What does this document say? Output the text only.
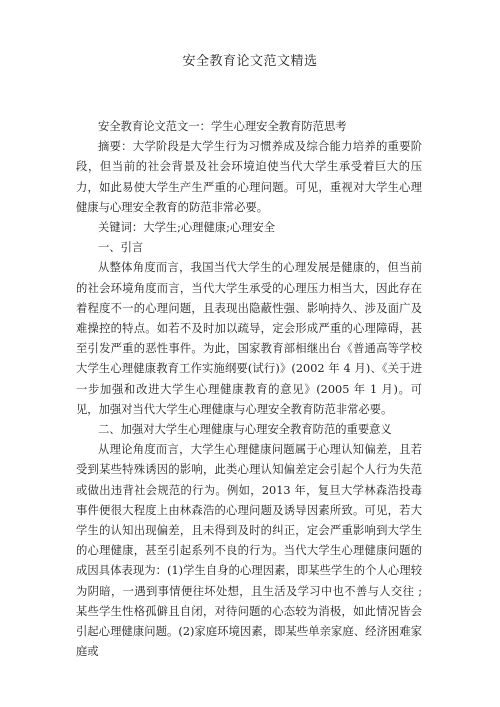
安全教育论文范文精选

安全教育论文范文一：学生心理安全教育防范思考

摘要：大学阶段是大学生行为习惯养成及综合能力培养的重要阶段，但当前的社会背景及社会环境迫使当代大学生承受着巨大的压力，如此易使大学生产生严重的心理问题。可见，重视对大学生心理健康与心理安全教育的防范非常必要。

关键词：大学生;心理健康;心理安全

一、引言

从整体角度而言，我国当代大学生的心理发展是健康的，但当前的社会环境角度而言，当代大学生承受的心理压力相当大，因此存在着程度不一的心理问题，且表现出隐蔽性强、影响持久、涉及面广及难操控的特点。如若不及时加以疏导，定会形成严重的心理障碍，甚至引发严重的恶性事件。为此，国家教育部相继出台《普通高等学校大学生心理健康教育工作实施纲要(试行)》(2002 年 4 月)、《关于进一步加强和改进大学生心理健康教育的意见》(2005 年 1 月)。可见，加强对当代大学生心理健康与心理安全教育防范非常必要。

二、加强对大学生心理健康与心理安全教育防范的重要意义

从理论角度而言，大学生心理健康问题属于心理认知偏差，且若受到某些特殊诱因的影响，此类心理认知偏差定会引起个人行为失范或做出违背社会规范的行为。例如，2013 年，复旦大学林森浩投毒事件便很大程度上由林森浩的心理问题及诱导因素所致。可见，若大学生的认知出现偏差，且未得到及时的纠正，定会严重影响到大学生的心理健康，甚至引起系列不良的行为。当代大学生心理健康问题的成因具体表现为：(1)学生自身的心理因素，即某些学生的个人心理较为阴暗，一遇到事情便往坏处想，且生活及学习中也不善与人交往 ;某些学生性格孤僻且自闭，对待问题的心态较为消极，如此情况皆会引起心理健康问题。(2)家庭环境因素，即某些单亲家庭、经济困难家庭或
